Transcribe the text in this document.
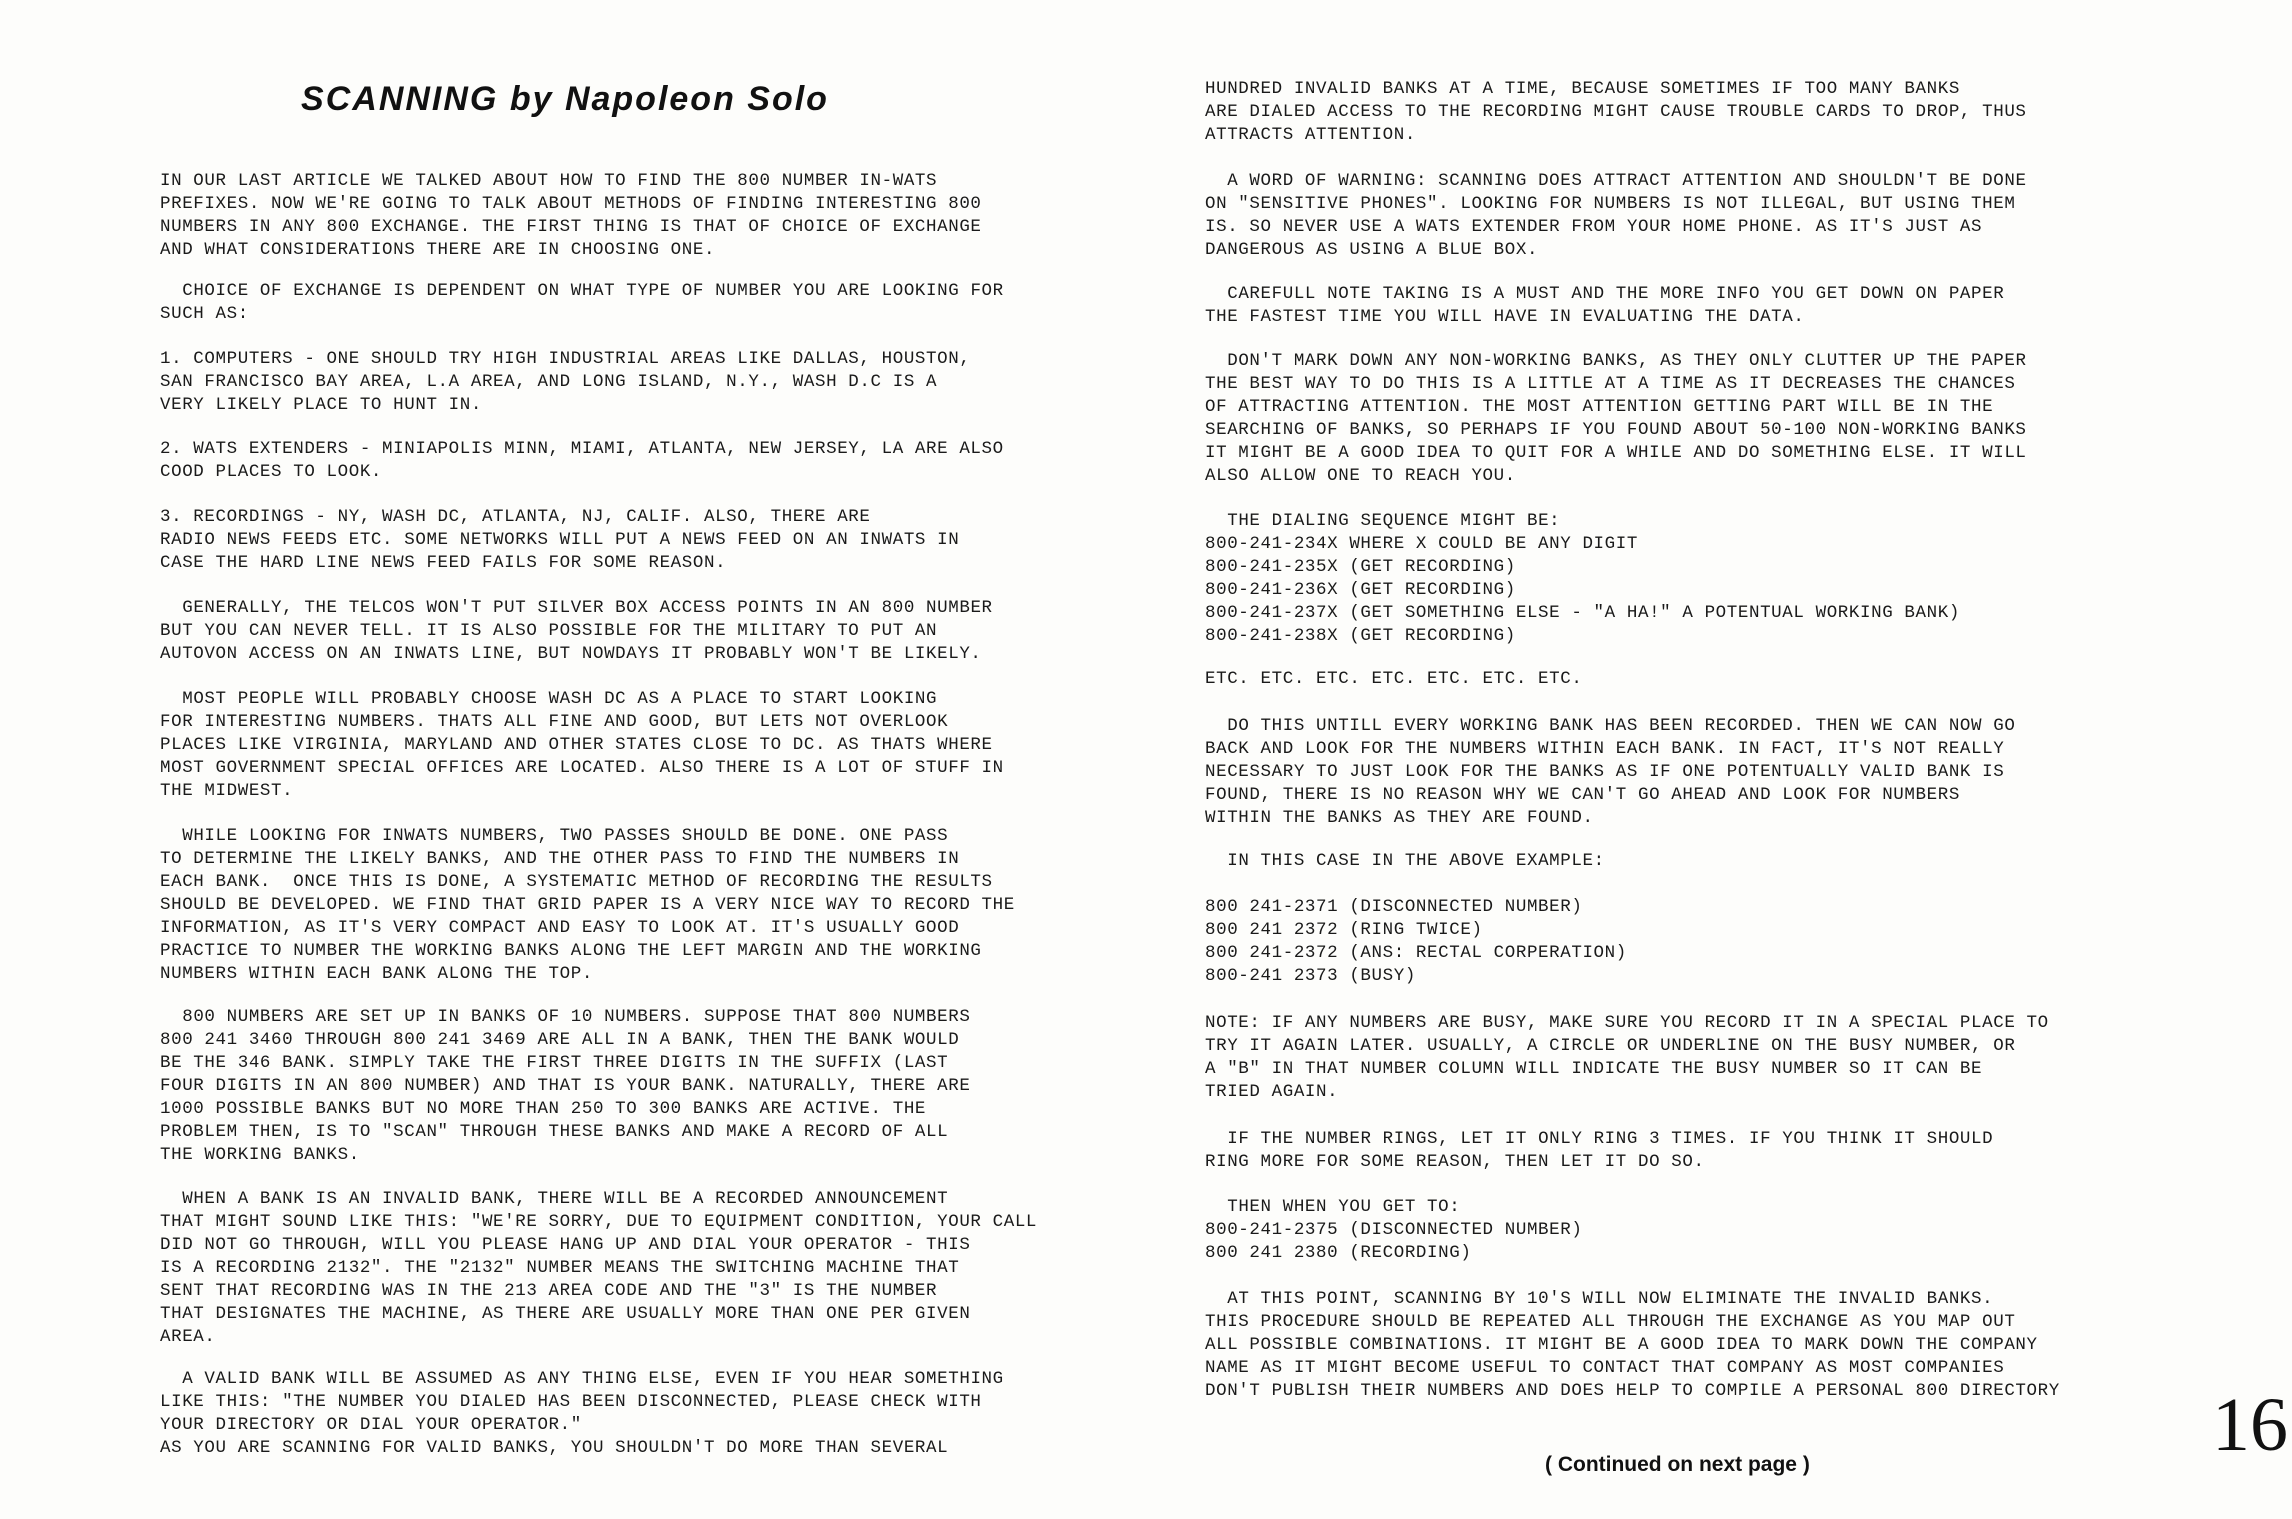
SCANNING by Napoleon Solo

IN OUR LAST ARTICLE WE TALKED ABOUT HOW TO FIND THE 800 NUMBER IN-WATS
PREFIXES. NOW WE'RE GOING TO TALK ABOUT METHODS OF FINDING INTERESTING 800
NUMBERS IN ANY 800 EXCHANGE. THE FIRST THING IS THAT OF CHOICE OF EXCHANGE
AND WHAT CONSIDERATIONS THERE ARE IN CHOOSING ONE.

CHOICE OF EXCHANGE IS DEPENDENT ON WHAT TYPE OF NUMBER YOU ARE LOOKING FOR
SUCH AS:

1. COMPUTERS - ONE SHOULD TRY HIGH INDUSTRIAL AREAS LIKE DALLAS, HOUSTON,
SAN FRANCISCO BAY AREA, L.A AREA, AND LONG ISLAND, N.Y., WASH D.C IS A
VERY LIKELY PLACE TO HUNT IN.

2. WATS EXTENDERS - MINIAPOLIS MINN, MIAMI, ATLANTA, NEW JERSEY, LA ARE ALSO
COOD PLACES TO LOOK.

3. RECORDINGS - NY, WASH DC, ATLANTA, NJ, CALIF. ALSO, THERE ARE
RADIO NEWS FEEDS ETC. SOME NETWORKS WILL PUT A NEWS FEED ON AN INWATS IN
CASE THE HARD LINE NEWS FEED FAILS FOR SOME REASON.

GENERALLY, THE TELCOS WON'T PUT SILVER BOX ACCESS POINTS IN AN 800 NUMBER
BUT YOU CAN NEVER TELL. IT IS ALSO POSSIBLE FOR THE MILITARY TO PUT AN
AUTOVON ACCESS ON AN INWATS LINE, BUT NOWDAYS IT PROBABLY WON'T BE LIKELY.

MOST PEOPLE WILL PROBABLY CHOOSE WASH DC AS A PLACE TO START LOOKING
FOR INTERESTING NUMBERS. THATS ALL FINE AND GOOD, BUT LETS NOT OVERLOOK
PLACES LIKE VIRGINIA, MARYLAND AND OTHER STATES CLOSE TO DC. AS THATS WHERE
MOST GOVERNMENT SPECIAL OFFICES ARE LOCATED. ALSO THERE IS A LOT OF STUFF IN
THE MIDWEST.

WHILE LOOKING FOR INWATS NUMBERS, TWO PASSES SHOULD BE DONE. ONE PASS
TO DETERMINE THE LIKELY BANKS, AND THE OTHER PASS TO FIND THE NUMBERS IN
EACH BANK.  ONCE THIS IS DONE, A SYSTEMATIC METHOD OF RECORDING THE RESULTS
SHOULD BE DEVELOPED. WE FIND THAT GRID PAPER IS A VERY NICE WAY TO RECORD THE
INFORMATION, AS IT'S VERY COMPACT AND EASY TO LOOK AT. IT'S USUALLY GOOD
PRACTICE TO NUMBER THE WORKING BANKS ALONG THE LEFT MARGIN AND THE WORKING
NUMBERS WITHIN EACH BANK ALONG THE TOP.

800 NUMBERS ARE SET UP IN BANKS OF 10 NUMBERS. SUPPOSE THAT 800 NUMBERS
800 241 3460 THROUGH 800 241 3469 ARE ALL IN A BANK, THEN THE BANK WOULD
BE THE 346 BANK. SIMPLY TAKE THE FIRST THREE DIGITS IN THE SUFFIX (LAST
FOUR DIGITS IN AN 800 NUMBER) AND THAT IS YOUR BANK. NATURALLY, THERE ARE
1000 POSSIBLE BANKS BUT NO MORE THAN 250 TO 300 BANKS ARE ACTIVE. THE
PROBLEM THEN, IS TO "SCAN" THROUGH THESE BANKS AND MAKE A RECORD OF ALL
THE WORKING BANKS.

WHEN A BANK IS AN INVALID BANK, THERE WILL BE A RECORDED ANNOUNCEMENT
THAT MIGHT SOUND LIKE THIS: "WE'RE SORRY, DUE TO EQUIPMENT CONDITION, YOUR CALL
DID NOT GO THROUGH, WILL YOU PLEASE HANG UP AND DIAL YOUR OPERATOR - THIS
IS A RECORDING 2132". THE "2132" NUMBER MEANS THE SWITCHING MACHINE THAT
SENT THAT RECORDING WAS IN THE 213 AREA CODE AND THE "3" IS THE NUMBER
THAT DESIGNATES THE MACHINE, AS THERE ARE USUALLY MORE THAN ONE PER GIVEN
AREA.

A VALID BANK WILL BE ASSUMED AS ANY THING ELSE, EVEN IF YOU HEAR SOMETHING
LIKE THIS: "THE NUMBER YOU DIALED HAS BEEN DISCONNECTED, PLEASE CHECK WITH
YOUR DIRECTORY OR DIAL YOUR OPERATOR."
AS YOU ARE SCANNING FOR VALID BANKS, YOU SHOULDN'T DO MORE THAN SEVERAL

HUNDRED INVALID BANKS AT A TIME, BECAUSE SOMETIMES IF TOO MANY BANKS
ARE DIALED ACCESS TO THE RECORDING MIGHT CAUSE TROUBLE CARDS TO DROP, THUS
ATTRACTS ATTENTION.

A WORD OF WARNING: SCANNING DOES ATTRACT ATTENTION AND SHOULDN'T BE DONE
ON "SENSITIVE PHONES". LOOKING FOR NUMBERS IS NOT ILLEGAL, BUT USING THEM
IS. SO NEVER USE A WATS EXTENDER FROM YOUR HOME PHONE. AS IT'S JUST AS
DANGEROUS AS USING A BLUE BOX.

CAREFULL NOTE TAKING IS A MUST AND THE MORE INFO YOU GET DOWN ON PAPER
THE FASTEST TIME YOU WILL HAVE IN EVALUATING THE DATA.

DON'T MARK DOWN ANY NON-WORKING BANKS, AS THEY ONLY CLUTTER UP THE PAPER
THE BEST WAY TO DO THIS IS A LITTLE AT A TIME AS IT DECREASES THE CHANCES
OF ATTRACTING ATTENTION. THE MOST ATTENTION GETTING PART WILL BE IN THE
SEARCHING OF BANKS, SO PERHAPS IF YOU FOUND ABOUT 50-100 NON-WORKING BANKS
IT MIGHT BE A GOOD IDEA TO QUIT FOR A WHILE AND DO SOMETHING ELSE. IT WILL
ALSO ALLOW ONE TO REACH YOU.

THE DIALING SEQUENCE MIGHT BE:
800-241-234X WHERE X COULD BE ANY DIGIT
800-241-235X (GET RECORDING)
800-241-236X (GET RECORDING)
800-241-237X (GET SOMETHING ELSE - "A HA!" A POTENTUAL WORKING BANK)
800-241-238X (GET RECORDING)

ETC. ETC. ETC. ETC. ETC. ETC. ETC.

DO THIS UNTILL EVERY WORKING BANK HAS BEEN RECORDED. THEN WE CAN NOW GO
BACK AND LOOK FOR THE NUMBERS WITHIN EACH BANK. IN FACT, IT'S NOT REALLY
NECESSARY TO JUST LOOK FOR THE BANKS AS IF ONE POTENTUALLY VALID BANK IS
FOUND, THERE IS NO REASON WHY WE CAN'T GO AHEAD AND LOOK FOR NUMBERS
WITHIN THE BANKS AS THEY ARE FOUND.

IN THIS CASE IN THE ABOVE EXAMPLE:

800 241-2371 (DISCONNECTED NUMBER)
800 241 2372 (RING TWICE)
800 241-2372 (ANS: RECTAL CORPERATION)
800-241 2373 (BUSY)

NOTE: IF ANY NUMBERS ARE BUSY, MAKE SURE YOU RECORD IT IN A SPECIAL PLACE TO
TRY IT AGAIN LATER. USUALLY, A CIRCLE OR UNDERLINE ON THE BUSY NUMBER, OR
A "B" IN THAT NUMBER COLUMN WILL INDICATE THE BUSY NUMBER SO IT CAN BE
TRIED AGAIN.

IF THE NUMBER RINGS, LET IT ONLY RING 3 TIMES. IF YOU THINK IT SHOULD
RING MORE FOR SOME REASON, THEN LET IT DO SO.

THEN WHEN YOU GET TO:
800-241-2375 (DISCONNECTED NUMBER)
800 241 2380 (RECORDING)

AT THIS POINT, SCANNING BY 10'S WILL NOW ELIMINATE THE INVALID BANKS.
THIS PROCEDURE SHOULD BE REPEATED ALL THROUGH THE EXCHANGE AS YOU MAP OUT
ALL POSSIBLE COMBINATIONS. IT MIGHT BE A GOOD IDEA TO MARK DOWN THE COMPANY
NAME AS IT MIGHT BECOME USEFUL TO CONTACT THAT COMPANY AS MOST COMPANIES
DON'T PUBLISH THEIR NUMBERS AND DOES HELP TO COMPILE A PERSONAL 800 DIRECTORY

( Continued on next page )	16
